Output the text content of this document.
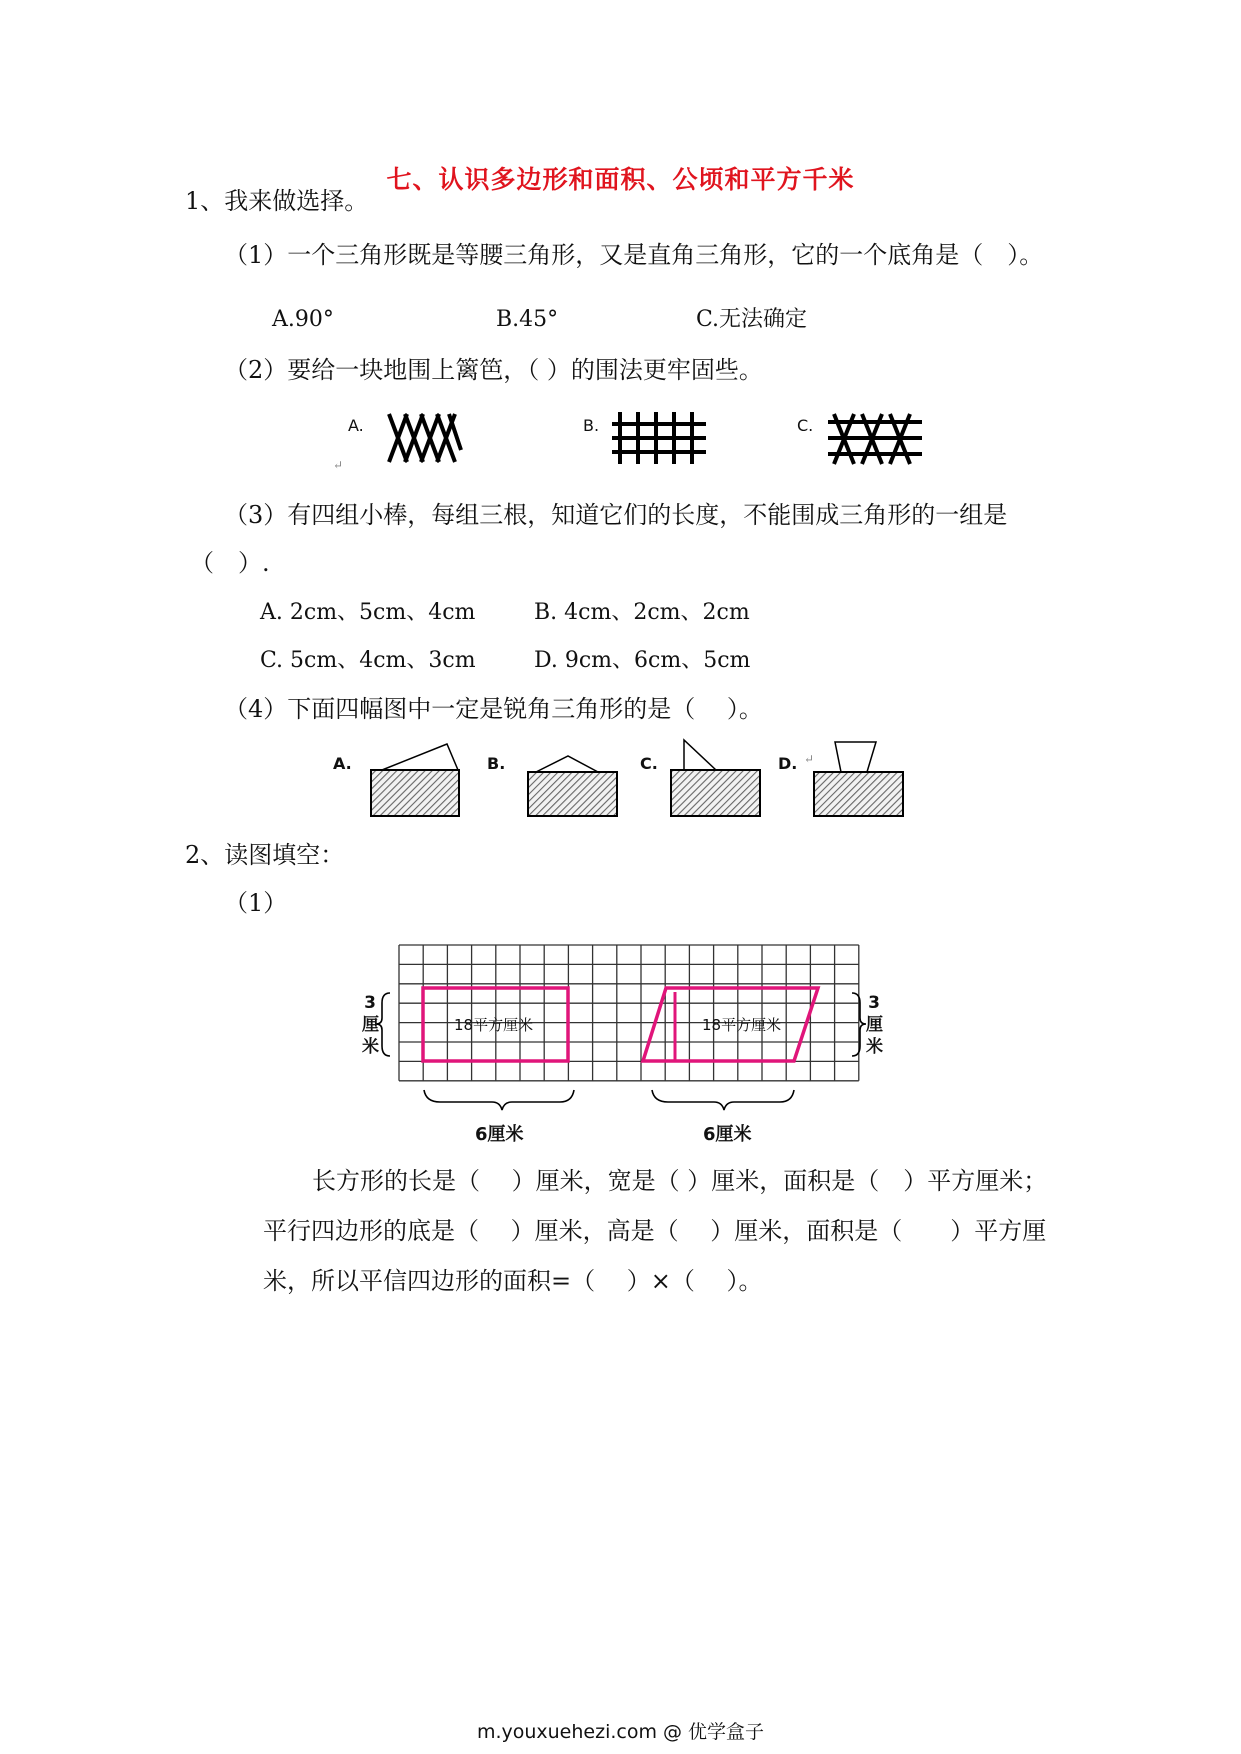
七、认识多边形和面积、公顷和平方千米
1、我来做选择。
（1）一个三角形既是等腰三角形，又是直角三角形，它的一个底角是（　）。
A.90°	B.45°	C.无法确定
（2）要给一块地围上篱笆，（ ）的围法更牢固些。
A.
↵
B.	C.
（3）有四组小棒，每组三根，知道它们的长度，不能围成三角形的一组是
（　）.
A. 2cm、5cm、4cm	B. 4cm、2cm、2cm
C. 5cm、4cm、3cm	D. 9cm、6cm、5cm
（4）下面四幅图中一定是锐角三角形的是（　 ）。
A.	B.	C.	D. ↵
2、读图填空：
（1）
18平方厘米	18平方厘米
3
厘
米
3
厘
米
6厘米	6厘米
长方形的长是（　 ）厘米，宽是（ ）厘米，面积是（　）平方厘米；
平行四边形的底是（　 ）厘米，高是（　 ）厘米，面积是（　　）平方厘
米，所以平信四边形的面积=（　 ）×（　 ）。
m.youxuehezi.com @ 优学盒子
